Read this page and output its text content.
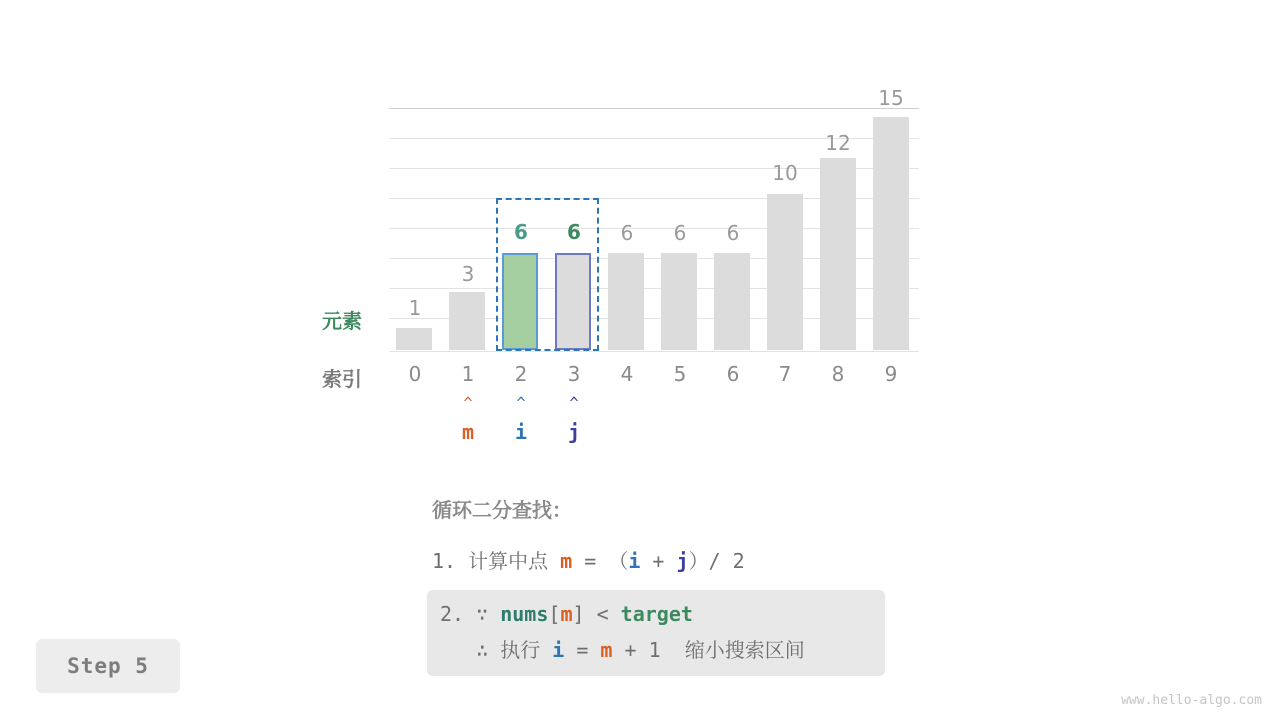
1
3
6	6	6	6	6
10
12
15
元素
索引	0	1	2	3	4	5	6	7	8	9
^
m
^
i
^
j
循环二分查找：
1. 计算中点 m = （i + j）/ 2
2. ∵ nums[m] < target
∴ 执行 i = m + 1  缩小搜索区间
Step 5
www.hello-algo.com
